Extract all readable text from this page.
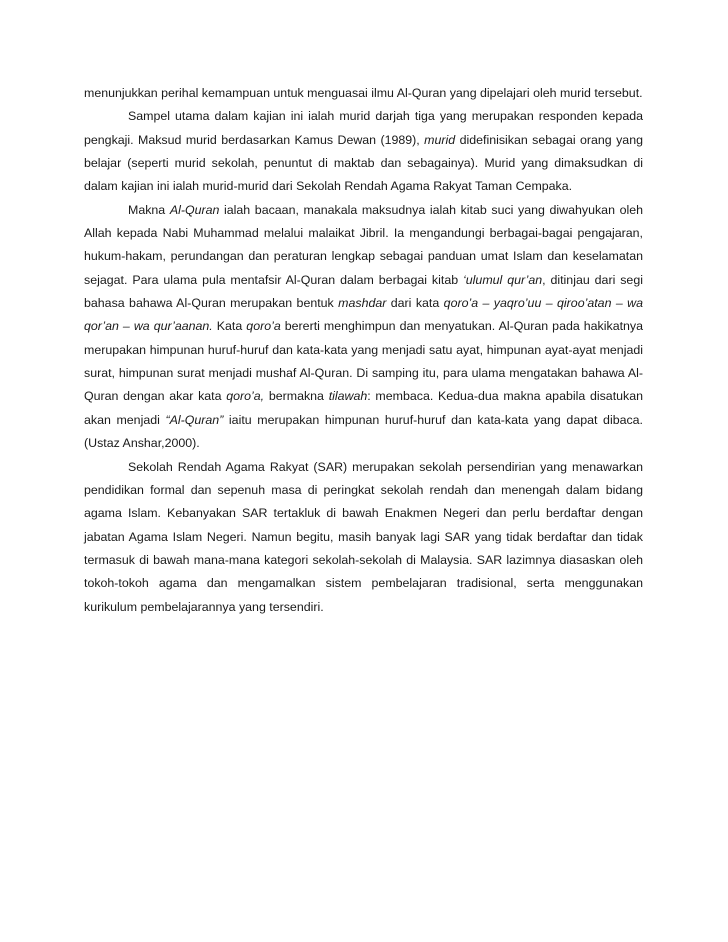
menunjukkan perihal kemampuan untuk menguasai ilmu Al-Quran yang dipelajari oleh murid tersebut.

Sampel utama dalam kajian ini ialah murid darjah tiga yang merupakan responden kepada pengkaji. Maksud murid berdasarkan Kamus Dewan (1989), murid didefinisikan sebagai orang yang belajar (seperti murid sekolah, penuntut di maktab dan sebagainya). Murid yang dimaksudkan di dalam kajian ini ialah murid-murid dari Sekolah Rendah Agama Rakyat Taman Cempaka.

Makna Al-Quran ialah bacaan, manakala maksudnya ialah kitab suci yang diwahyukan oleh Allah kepada Nabi Muhammad melalui malaikat Jibril. Ia mengandungi berbagai-bagai pengajaran, hukum-hakam, perundangan dan peraturan lengkap sebagai panduan umat Islam dan keselamatan sejagat. Para ulama pula mentafsir Al-Quran dalam berbagai kitab ‘ulumul qur’an, ditinjau dari segi bahasa bahawa Al-Quran merupakan bentuk mashdar dari kata qoro’a – yaqro’uu – qiroo’atan – wa qor’an – wa qur’aanan. Kata qoro’a bererti menghimpun dan menyatukan. Al-Quran pada hakikatnya merupakan himpunan huruf-huruf dan kata-kata yang menjadi satu ayat, himpunan ayat-ayat menjadi surat, himpunan surat menjadi mushaf Al-Quran. Di samping itu, para ulama mengatakan bahawa Al-Quran dengan akar kata qoro’a, bermakna tilawah: membaca. Kedua-dua makna apabila disatukan akan menjadi “Al-Quran” iaitu merupakan himpunan huruf-huruf dan kata-kata yang dapat dibaca. (Ustaz Anshar,2000).

Sekolah Rendah Agama Rakyat (SAR) merupakan sekolah persendirian yang menawarkan pendidikan formal dan sepenuh masa di peringkat sekolah rendah dan menengah dalam bidang agama Islam. Kebanyakan SAR tertakluk di bawah Enakmen Negeri dan perlu berdaftar dengan jabatan Agama Islam Negeri. Namun begitu, masih banyak lagi SAR yang tidak berdaftar dan tidak termasuk di bawah mana-mana kategori sekolah-sekolah di Malaysia. SAR lazimnya diasaskan oleh tokoh-tokoh agama dan mengamalkan sistem pembelajaran tradisional, serta menggunakan kurikulum pembelajarannya yang tersendiri.
